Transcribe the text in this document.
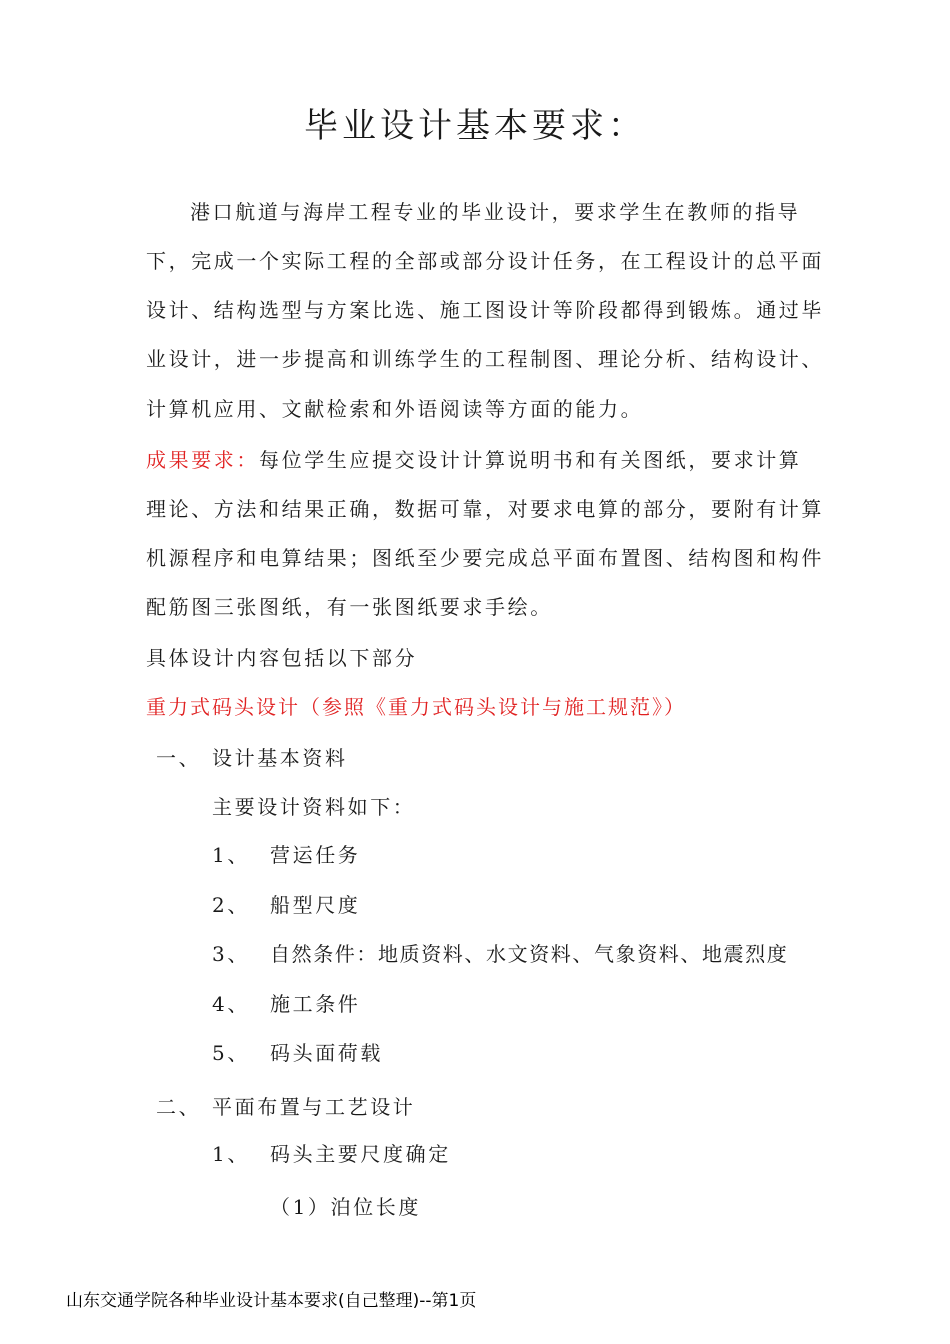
毕业设计基本要求：
港口航道与海岸工程专业的毕业设计，要求学生在教师的指导
下，完成一个实际工程的全部或部分设计任务，在工程设计的总平面
设计、结构选型与方案比选、施工图设计等阶段都得到锻炼。通过毕
业设计，进一步提高和训练学生的工程制图、理论分析、结构设计、
计算机应用、文献检索和外语阅读等方面的能力。
成果要求：每位学生应提交设计计算说明书和有关图纸，要求计算
理论、方法和结果正确，数据可靠，对要求电算的部分，要附有计算
机源程序和电算结果；图纸至少要完成总平面布置图、结构图和构件
配筋图三张图纸，有一张图纸要求手绘。
具体设计内容包括以下部分
重力式码头设计（参照《重力式码头设计与施工规范》）
一、 设计基本资料
主要设计资料如下：
1、 营运任务
2、 船型尺度
3、 自然条件：地质资料、水文资料、气象资料、地震烈度
4、 施工条件
5、 码头面荷载
二、 平面布置与工艺设计
1、 码头主要尺度确定
（1）泊位长度
山东交通学院各种毕业设计基本要求(自己整理)--第1页
